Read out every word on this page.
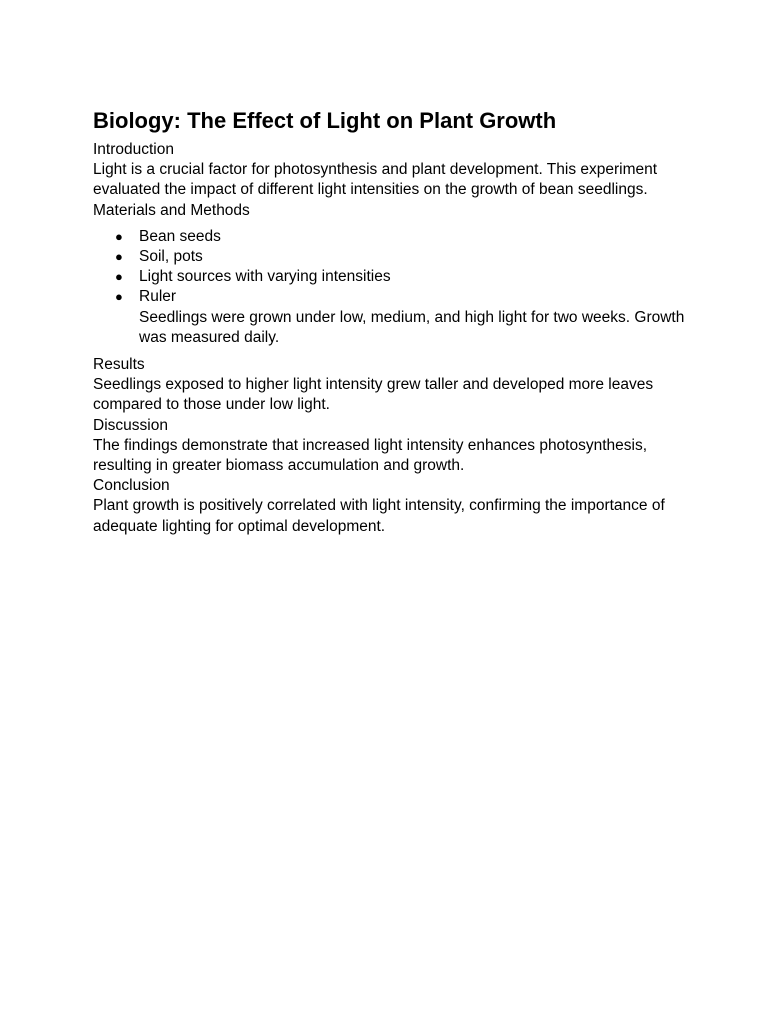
Biology: The Effect of Light on Plant Growth

Introduction

Light is a crucial factor for photosynthesis and plant development. This experiment evaluated the impact of different light intensities on the growth of bean seedlings.

Materials and Methods

● Bean seeds
● Soil, pots
● Light sources with varying intensities
● Ruler

Seedlings were grown under low, medium, and high light for two weeks. Growth was measured daily.

Results

Seedlings exposed to higher light intensity grew taller and developed more leaves compared to those under low light.

Discussion

The findings demonstrate that increased light intensity enhances photosynthesis, resulting in greater biomass accumulation and growth.

Conclusion

Plant growth is positively correlated with light intensity, confirming the importance of adequate lighting for optimal development.
